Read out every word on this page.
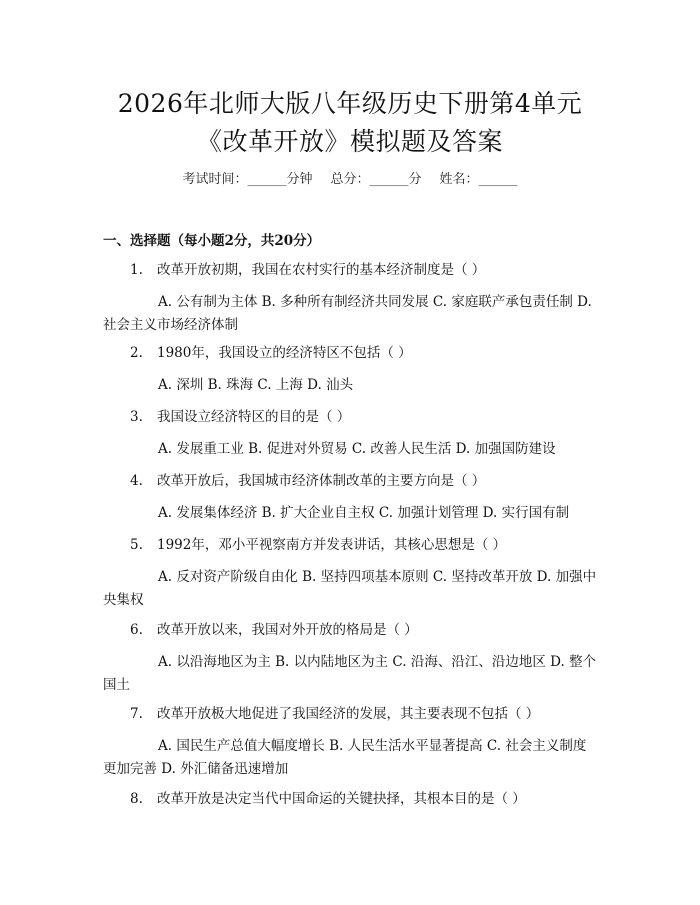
2026年北师大版八年级历史下册第4单元
《改革开放》模拟题及答案
考试时间：______分钟 总分：______分 姓名：______
一、选择题（每小题2分，共20分）
1. 改革开放初期，我国在农村实行的基本经济制度是（ ）
A. 公有制为主体 B. 多种所有制经济共同发展 C. 家庭联产承包责任制 D. 社会主义市场经济体制
2. 1980年，我国设立的经济特区不包括（ ）
A. 深圳 B. 珠海 C. 上海 D. 汕头
3. 我国设立经济特区的目的是（ ）
A. 发展重工业 B. 促进对外贸易 C. 改善人民生活 D. 加强国防建设
4. 改革开放后，我国城市经济体制改革的主要方向是（ ）
A. 发展集体经济 B. 扩大企业自主权 C. 加强计划管理 D. 实行国有制
5. 1992年，邓小平视察南方并发表讲话，其核心思想是（ ）
A. 反对资产阶级自由化 B. 坚持四项基本原则 C. 坚持改革开放 D. 加强中央集权
6. 改革开放以来，我国对外开放的格局是（ ）
A. 以沿海地区为主 B. 以内陆地区为主 C. 沿海、沿江、沿边地区 D. 整个国土
7. 改革开放极大地促进了我国经济的发展，其主要表现不包括（ ）
A. 国民生产总值大幅度增长 B. 人民生活水平显著提高 C. 社会主义制度更加完善 D. 外汇储备迅速增加
8. 改革开放是决定当代中国命运的关键抉择，其根本目的是（ ）
